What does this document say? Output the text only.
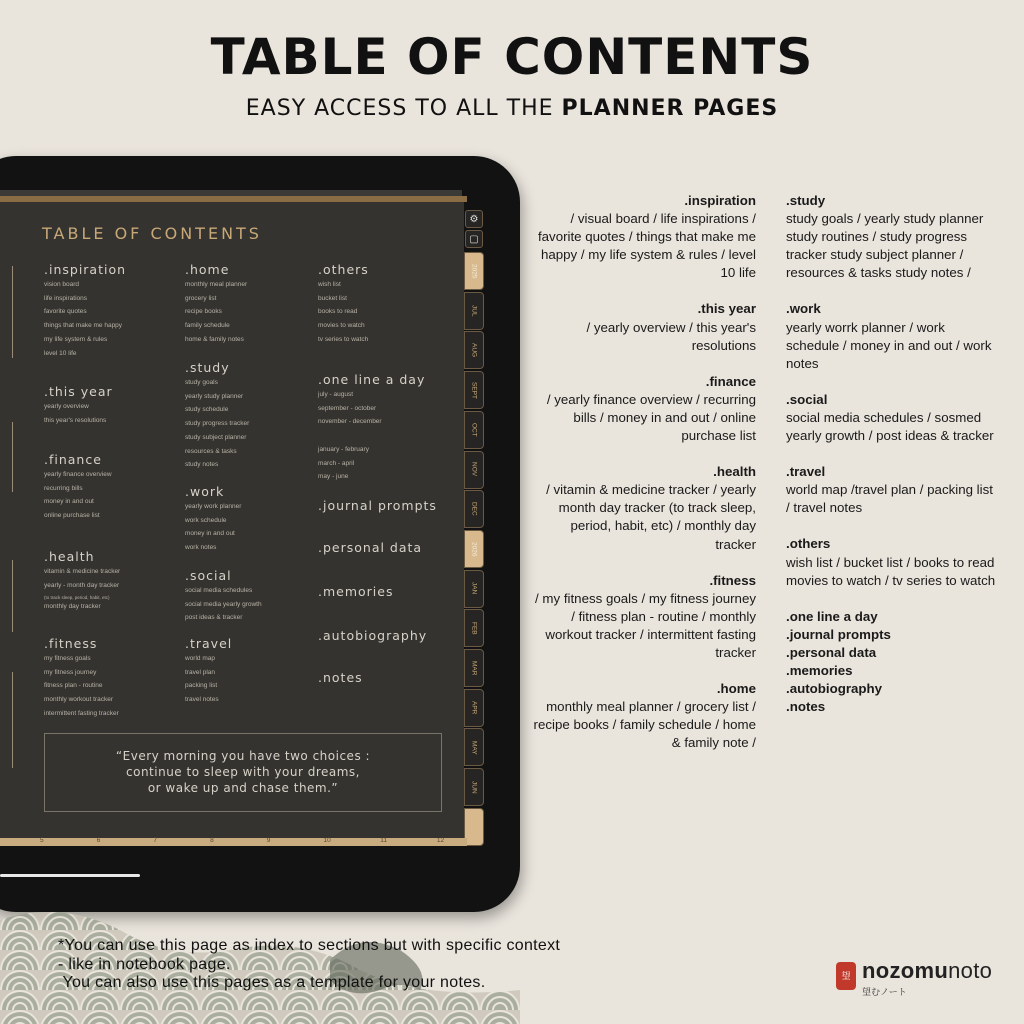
TABLE OF CONTENTS
EASY ACCESS TO ALL THE PLANNER PAGES
TABLE OF CONTENTS
“Every morning you have two choices :
continue to sleep with your dreams,
or wake up and chase them.”
.inspiration
vision board
life inspirations
favorite quotes
things that make me happy
my life system & rules
level 10 life
.this year
yearly overview
this year's resolutions
.finance
yearly finance overview
recurring bills
money in and out
online purchase list
.health
vitamin & medicine tracker
yearly - month day tracker
(to track sleep, period, habit, etc)
monthly day tracker
.fitness
my fitness goals
my fitness journey
fitness plan - routine
monthly workout tracker
intermittent fasting tracker
.home
monthly meal planner
grocery list
recipe books
family schedule
home & family notes
.study
study goals
yearly study planner
study schedule
study progress tracker
study subject planner
resources & tasks
study notes
.work
yearly work planner
work schedule
money in and out
work notes
.social
social media schedules
social media yearly growth
post ideas & tracker
.travel
world map
travel plan
packing list
travel notes
.others
wish list
bucket list
books to read
movies to watch
tv series to watch
.one line a day
july - august
september - october
november - december
january - february
march - april
may - june
.journal prompts
.personal data
.memories
.autobiography
.notes
⚙
▢
2025
JUL
AUG
SEPT
OCT
NOV
DEC
2026
JAN
FEB
MAR
APR
MAY
JUN
5	6	7	8	9	10	11	12
.inspiration
/ visual board / life inspirations / favorite quotes / things that make me happy / my life system & rules / level 10 life
.this year
/ yearly overview / this year's resolutions
.finance
/ yearly finance overview / recurring bills / money in and out / online purchase list
.health
/ vitamin & medicine tracker / yearly month day tracker (to track sleep, period, habit, etc) / monthly day tracker
.fitness
/ my fitness goals / my fitness journey / fitness plan - routine / monthly workout tracker / intermittent fasting tracker
.home
monthly meal planner / grocery list / recipe books / family schedule / home & family note /
.study
study goals / yearly study planner study routines / study progress tracker study subject planner / resources & tasks study notes /
.work
yearly worrk planner / work schedule / money in and out / work notes
.social
social media schedules / sosmed yearly growth / post ideas & tracker
.travel
world map /travel plan / packing list / travel notes
.others
wish list / bucket list / books to read movies to watch / tv series to watch
.one line a day
.journal prompts
.personal data
.memories
.autobiography
.notes
*You can use this page as index to sections but with specific context
- like in notebook page.
You can also use this pages as a template for your notes.	望 nozomunoto
望むノート
